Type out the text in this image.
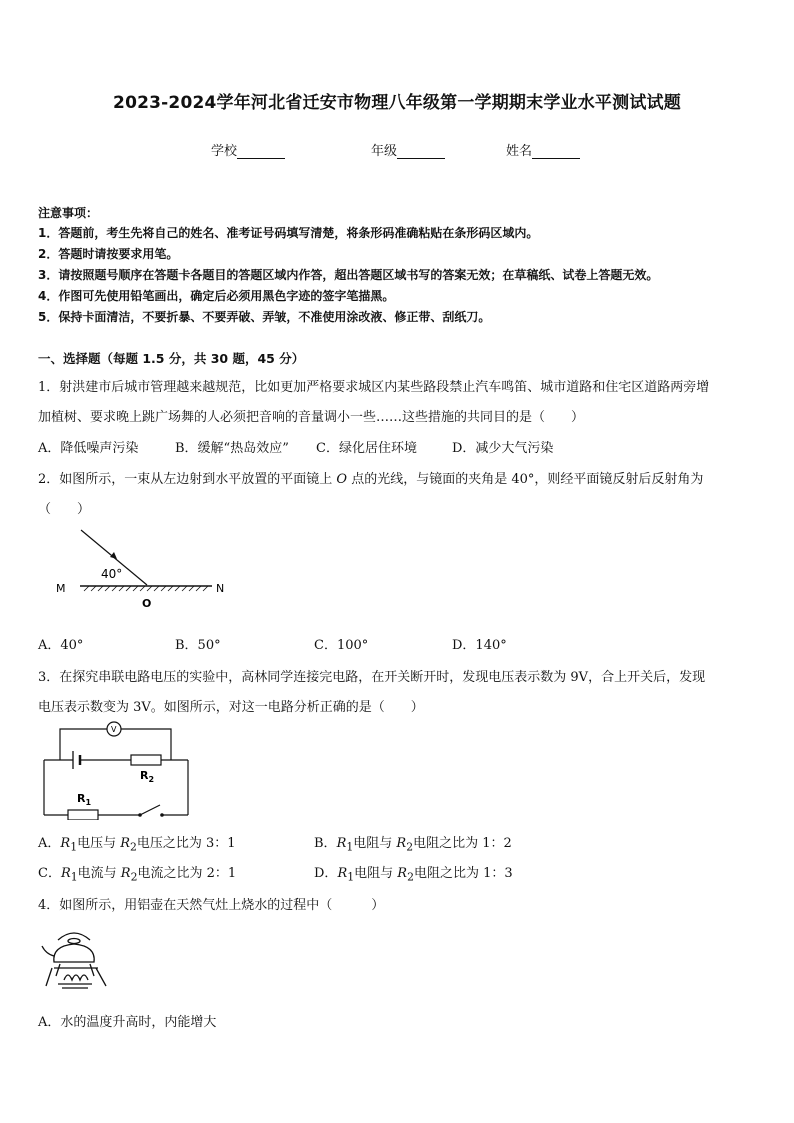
2023-2024学年河北省迁安市物理八年级第一学期期末学业水平测试试题
学校	年级	姓名
注意事项：
1．答题前，考生先将自己的姓名、准考证号码填写清楚，将条形码准确粘贴在条形码区域内。
2．答题时请按要求用笔。
3．请按照题号顺序在答题卡各题目的答题区域内作答，超出答题区域书写的答案无效；在草稿纸、试卷上答题无效。
4．作图可先使用铅笔画出，确定后必须用黑色字迹的签字笔描黑。
5．保持卡面清洁，不要折暴、不要弄破、弄皱，不准使用涂改液、修正带、刮纸刀。
一、选择题（每题 1.5 分，共 30 题，45 分）
1．射洪建市后城市管理越来越规范，比如更加严格要求城区内某些路段禁止汽车鸣笛、城市道路和住宅区道路两旁增
加植树、要求晚上跳广场舞的人必须把音响的音量调小一些……这些措施的共同目的是（　　）
A．降低噪声污染	B．缓解“热岛效应” C．绿化居住环境	D．减少大气污染
2．如图所示，一束从左边射到水平放置的平面镜上 O 点的光线，与镜面的夹角是 40°，则经平面镜反射后反射角为
（　　）
40°
M	N
O
A．40°	B．50°	C．100°	D．140°
3．在探究串联电路电压的实验中，高林同学连接完电路，在开关断开时，发现电压表示数为 9V，合上开关后，发现
电压表示数变为 3V。如图所示，对这一电路分析正确的是（　　）
V
$R_2$
$R_1$
A．$R_1$电压与 $R_2$电压之比为 3：1	B．$R_1$电阻与 $R_2$电阻之比为 1：2
C．$R_1$电流与 $R_2$电流之比为 2：1	D．$R_1$电阻与 $R_2$电阻之比为 1：3
4．如图所示，用铝壶在天然气灶上烧水的过程中（　　　）
A．水的温度升高时，内能增大
